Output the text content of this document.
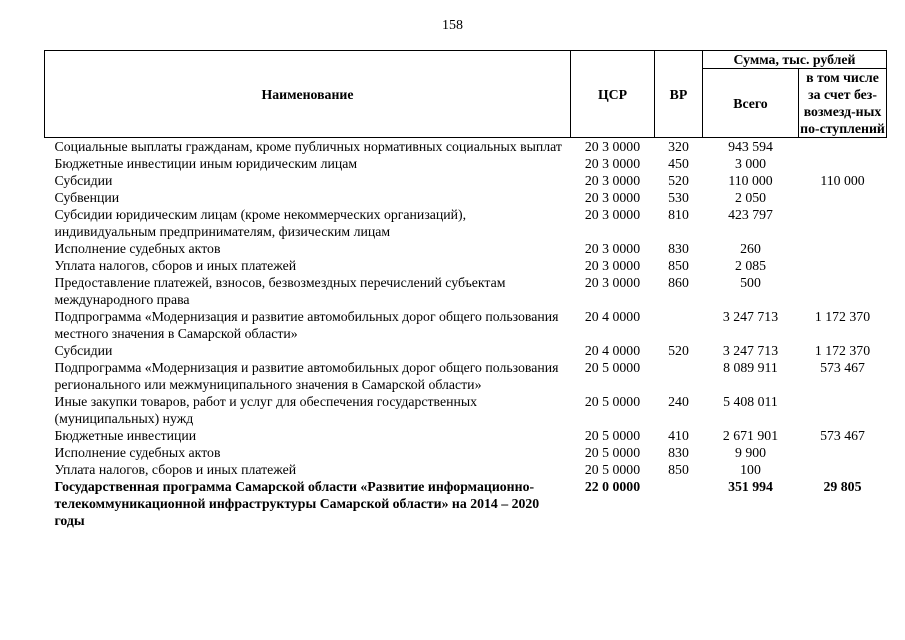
158
Наименование	ЦСР	ВР	Сумма, тыс. рублей	
			Всего	в том числе за счет без-возмезд-ных по-ступлений
Социальные выплаты гражданам, кроме публичных нормативных социальных выплат	20 3 0000	320	943 594	
Бюджетные инвестиции иным юридическим лицам	20 3 0000	450	3 000	
Субсидии	20 3 0000	520	110 000	110 000
Субвенции	20 3 0000	530	2 050	
Субсидии юридическим лицам (кроме некоммерческих организаций), индивидуальным предпринимателям, физическим лицам	20 3 0000	810	423 797	
Исполнение судебных актов	20 3 0000	830	260	
Уплата налогов, сборов и иных платежей	20 3 0000	850	2 085	
Предоставление платежей, взносов, безвозмездных перечислений субъектам международного права	20 3 0000	860	500	
Подпрограмма «Модернизация и развитие автомобильных дорог общего пользования местного значения в Самарской области»	20 4 0000		3 247 713	1 172 370
Субсидии	20 4 0000	520	3 247 713	1 172 370
Подпрограмма «Модернизация и развитие автомобильных дорог общего пользования регионального или межмуниципального значения в Самарской области»	20 5 0000		8 089 911	573 467
Иные закупки товаров, работ и услуг для обеспечения государственных (муниципальных) нужд	20 5 0000	240	5 408 011	
Бюджетные инвестиции	20 5 0000	410	2 671 901	573 467
Исполнение судебных актов	20 5 0000	830	9 900	
Уплата налогов, сборов и иных платежей	20 5 0000	850	100	
Государственная программа Самарской области «Развитие информационно-телекоммуникационной инфраструктуры Самарской области» на 2014 – 2020 годы	22 0 0000		351 994	29 805
